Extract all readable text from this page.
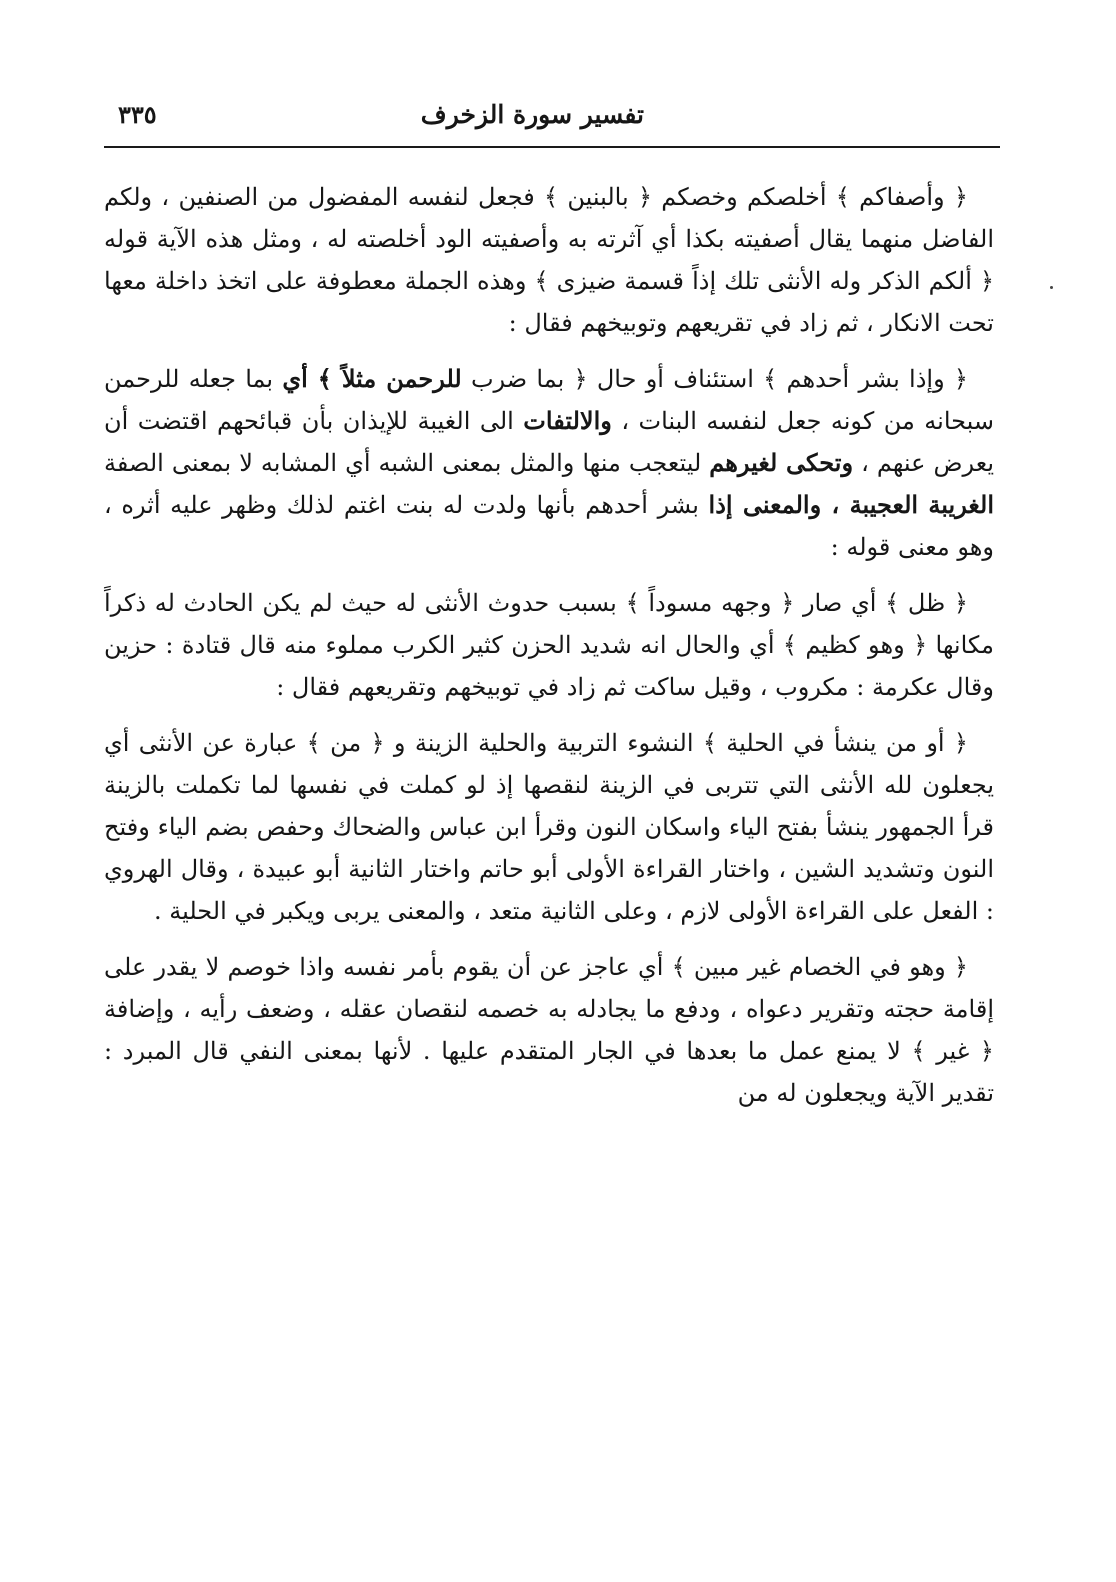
تفسير سورة الزخرف
٣٣٥

﴿ وأصفاكم ﴾ أخلصكم وخصكم ﴿ بالبنين ﴾ فجعل لنفسه المفضول من الصنفين ، ولكم الفاضل منهما يقال أصفيته بكذا أي آثرته به وأصفيته الود أخلصته له ، ومثل هذه الآية قوله ﴿ ألكم الذكر وله الأنثى تلك إذاً قسمة ضيزى ﴾ وهذه الجملة معطوفة على اتخذ داخلة معها تحت الانكار ، ثم زاد في تقريعهم وتوبيخهم فقال :

﴿ وإذا بشر أحدهم ﴾ استئناف أو حال ﴿ بما ضرب للرحمن مثلاً ﴾ أي بما جعله للرحمن سبحانه من كونه جعل لنفسه البنات ، والالتفات الى الغيبة للإيذان بأن قبائحهم اقتضت أن يعرض عنهم ، وتحكى لغيرهم ليتعجب منها والمثل بمعنى الشبه أي المشابه لا بمعنى الصفة الغريبة العجيبة ، والمعنى إذا بشر أحدهم بأنها ولدت له بنت اغتم لذلك وظهر عليه أثره ، وهو معنى قوله :

﴿ ظل ﴾ أي صار ﴿ وجهه مسوداً ﴾ بسبب حدوث الأنثى له حيث لم يكن الحادث له ذكراً مكانها ﴿ وهو كظيم ﴾ أي والحال انه شديد الحزن كثير الكرب مملوء منه قال قتادة : حزين وقال عكرمة : مكروب ، وقيل ساكت ثم زاد في توبيخهم وتقريعهم فقال :

﴿ أو من ينشأ في الحلية ﴾ النشوء التربية والحلية الزينة و ﴿ من ﴾ عبارة عن الأنثى أي يجعلون لله الأنثى التي تتربى في الزينة لنقصها إذ لو كملت في نفسها لما تكملت بالزينة قرأ الجمهور ينشأ بفتح الياء واسكان النون وقرأ ابن عباس والضحاك وحفص بضم الياء وفتح النون وتشديد الشين ، واختار القراءة الأولى أبو حاتم واختار الثانية أبو عبيدة ، وقال الهروي : الفعل على القراءة الأولى لازم ، وعلى الثانية متعد ، والمعنى يربى ويكبر في الحلية .

﴿ وهو في الخصام غير مبين ﴾ أي عاجز عن أن يقوم بأمر نفسه واذا خوصم لا يقدر على إقامة حجته وتقرير دعواه ، ودفع ما يجادله به خصمه لنقصان عقله ، وضعف رأيه ، وإضافة ﴿ غير ﴾ لا يمنع عمل ما بعدها في الجار المتقدم عليها . لأنها بمعنى النفي قال المبرد : تقدير الآية ويجعلون له من
